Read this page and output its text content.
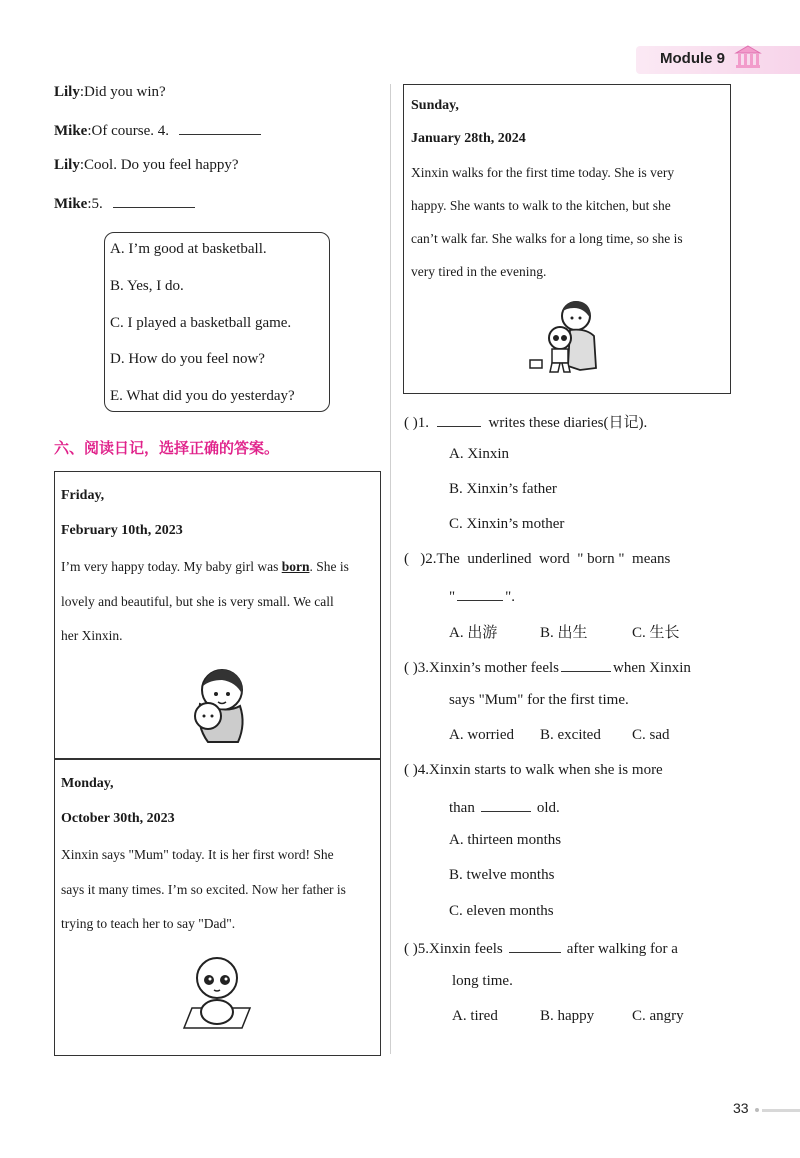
Module 9
Lily:Did you win?
Mike:Of course. 4.
Lily:Cool. Do you feel happy?
Mike:5.
A. I’m good at basketball.
B. Yes, I do.
C. I played a basketball game.
D. How do you feel now?
E. What did you do yesterday?
六、阅读日记，选择正确的答案。
Friday,
February 10th, 2023
I’m very happy today. My baby girl was born. She is
lovely and beautiful, but she is very small. We call
her Xinxin.
Monday,
October 30th, 2023
Xinxin says "Mum" today. It is her first word! She
says it many times. I’m so excited. Now her father is
trying to teach her to say "Dad".
Sunday,
January 28th, 2024
Xinxin walks for the first time today. She is very
happy. She wants to walk to the kitchen, but she
can’t walk far. She walks for a long time, so she is
very tired in the evening.
( )1.	writes these diaries(日记).
A. Xinxin
B. Xinxin’s father
C. Xinxin’s mother
(   )2.The  underlined  word  " born "  means
"	".
A. 出游	B. 出生	C. 生长
( )3.Xinxin’s mother feels	when Xinxin
says "Mum" for the first time.
A. worried B. excited C. sad
( )4.Xinxin starts to walk when she is more
than	old.
A. thirteen months
B. twelve months
C. eleven months
( )5.Xinxin feels	after walking for a
long time.
A. tired	B. happy	C. angry
33
